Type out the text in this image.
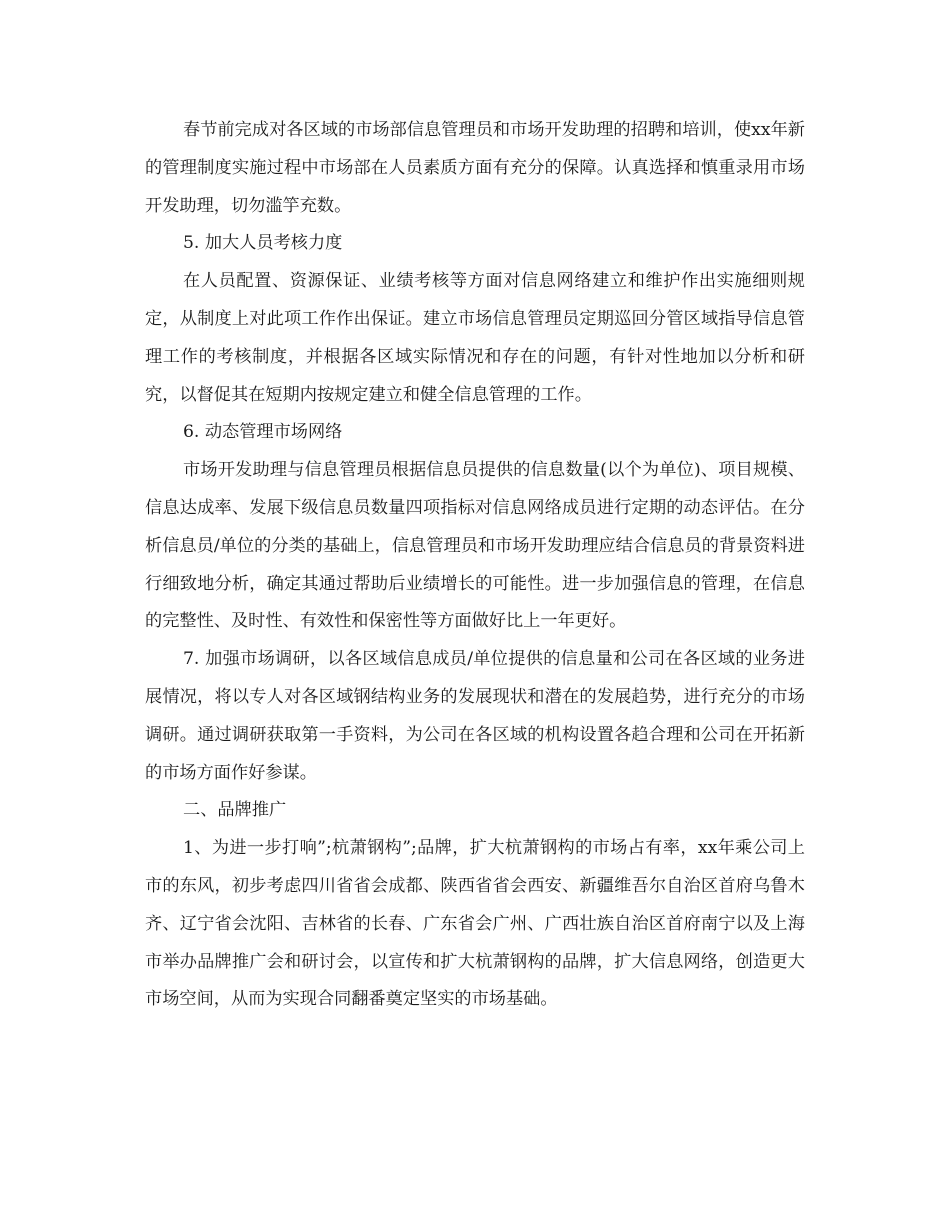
春节前完成对各区域的市场部信息管理员和市场开发助理的招聘和培训，使xx年新的管理制度实施过程中市场部在人员素质方面有充分的保障。认真选择和慎重录用市场开发助理，切勿滥竽充数。

5. 加大人员考核力度

在人员配置、资源保证、业绩考核等方面对信息网络建立和维护作出实施细则规定，从制度上对此项工作作出保证。建立市场信息管理员定期巡回分管区域指导信息管理工作的考核制度，并根据各区域实际情况和存在的问题，有针对性地加以分析和研究，以督促其在短期内按规定建立和健全信息管理的工作。

6. 动态管理市场网络

市场开发助理与信息管理员根据信息员提供的信息数量(以个为单位)、项目规模、信息达成率、发展下级信息员数量四项指标对信息网络成员进行定期的动态评估。在分析信息员/单位的分类的基础上，信息管理员和市场开发助理应结合信息员的背景资料进行细致地分析，确定其通过帮助后业绩增长的可能性。进一步加强信息的管理，在信息的完整性、及时性、有效性和保密性等方面做好比上一年更好。

7. 加强市场调研，以各区域信息成员/单位提供的信息量和公司在各区域的业务进展情况，将以专人对各区域钢结构业务的发展现状和潜在的发展趋势，进行充分的市场调研。通过调研获取第一手资料，为公司在各区域的机构设置各趋合理和公司在开拓新的市场方面作好参谋。

二、品牌推广

1、为进一步打响”;杭萧钢构”;品牌，扩大杭萧钢构的市场占有率，xx年乘公司上市的东风，初步考虑四川省省会成都、陕西省省会西安、新疆维吾尔自治区首府乌鲁木齐、辽宁省会沈阳、吉林省的长春、广东省会广州、广西壮族自治区首府南宁以及上海市举办品牌推广会和研讨会，以宣传和扩大杭萧钢构的品牌，扩大信息网络，创造更大市场空间，从而为实现合同翻番奠定坚实的市场基础。
